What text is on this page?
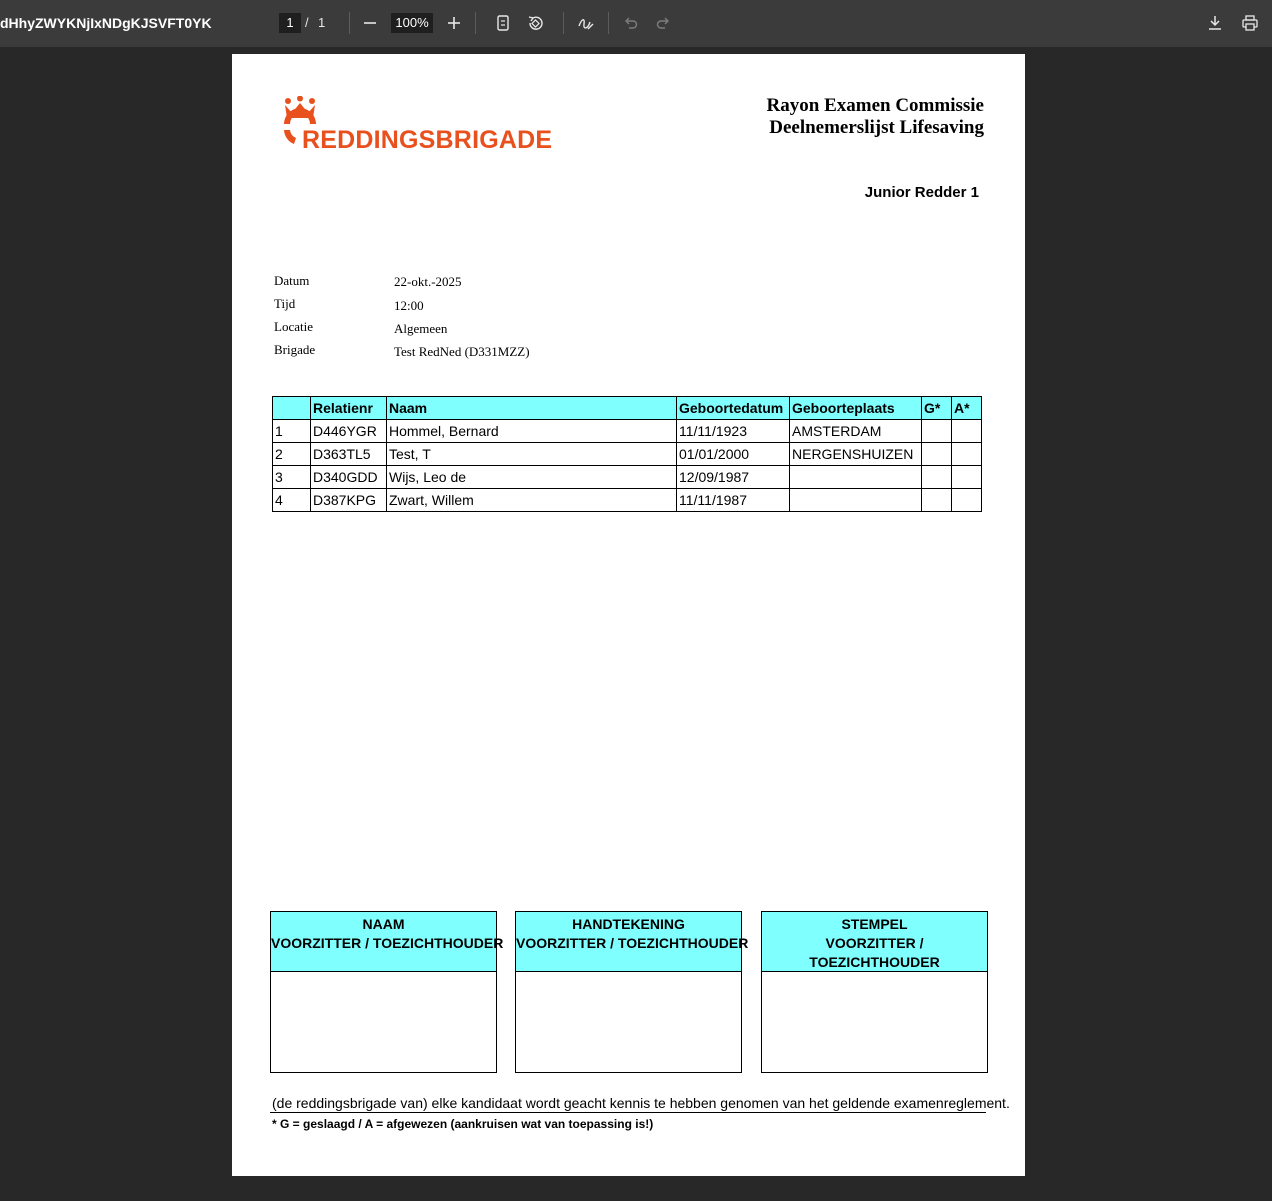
dHhyZWYKNjIxNDgKJSVFT0YK	1 / 1	100%
REDDINGSBRIGADE
Rayon Examen Commissie
Deelnemerslijst Lifesaving
Junior Redder 1
Datum	22-okt.-2025
Tijd	12:00
Locatie	Algemeen
Brigade	Test RedNed (D331MZZ)
	Relatienr	Naam	Geboortedatum	Geboorteplaats	G*	A*
1	D446YGR	Hommel, Bernard	11/11/1923	AMSTERDAM		
2	D363TL5	Test, T	01/01/2000	NERGENSHUIZEN		
3	D340GDD	Wijs, Leo de	12/09/1987			
4	D387KPG	Zwart, Willem	11/11/1987			
NAAM
VOORZITTER / TOEZICHTHOUDER
HANDTEKENING
VOORZITTER / TOEZICHTHOUDER
STEMPEL
VOORZITTER /
TOEZICHTHOUDER
(de reddingsbrigade van) elke kandidaat wordt geacht kennis te hebben genomen van het geldende examenreglement.
* G = geslaagd / A = afgewezen (aankruisen wat van toepassing is!)
